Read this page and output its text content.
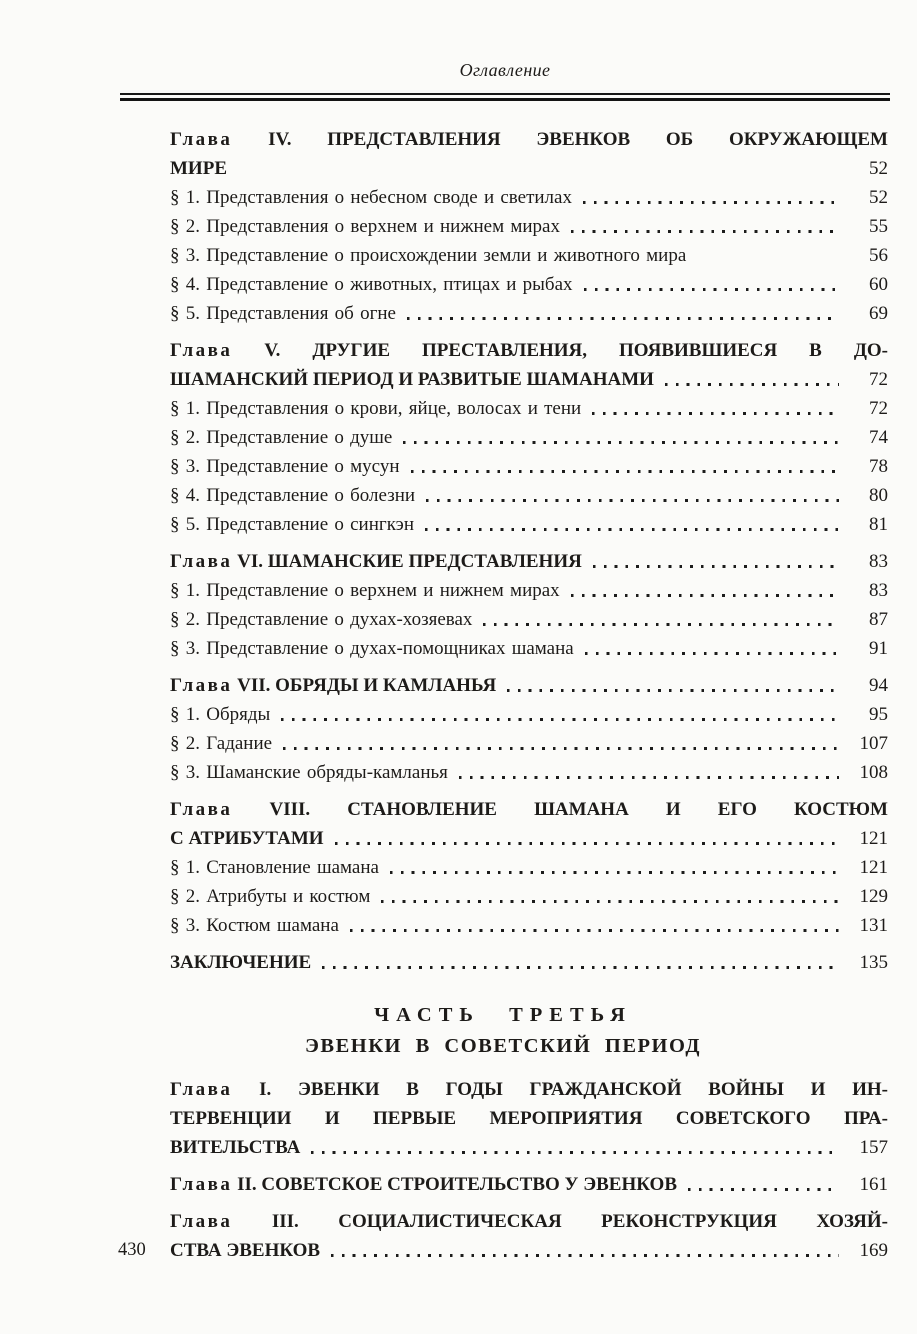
Оглавление
Глава IV. ПРЕДСТАВЛЕНИЯ ЭВЕНКОВ ОБ ОКРУЖАЮЩЕМ
МИРЕ	52
§ 1. Представления о небесном своде и светилах	52
§ 2. Представления о верхнем и нижнем мирах	55
§ 3. Представление о происхождении земли и животного мира	56
§ 4. Представление о животных, птицах и рыбах	60
§ 5. Представления об огне	69
Глава V. ДРУГИЕ ПРЕСТАВЛЕНИЯ, ПОЯВИВШИЕСЯ В ДО-
ШАМАНСКИЙ ПЕРИОД И РАЗВИТЫЕ ШАМАНАМИ	72
§ 1. Представления о крови, яйце, волосах и тени	72
§ 2. Представление о душе	74
§ 3. Представление о мусун	78
§ 4. Представление о болезни	80
§ 5. Представление о сингкэн	81
Глава VI. ШАМАНСКИЕ ПРЕДСТАВЛЕНИЯ	83
§ 1. Представление о верхнем и нижнем мирах	83
§ 2. Представление о духах-хозяевах	87
§ 3. Представление о духах-помощниках шамана	91
Глава VII. ОБРЯДЫ И КАМЛАНЬЯ	94
§ 1. Обряды	95
§ 2. Гадание	107
§ 3. Шаманские обряды-камланья	108
Глава VIII. СТАНОВЛЕНИЕ ШАМАНА И ЕГО КОСТЮМ
С АТРИБУТАМИ	121
§ 1. Становление шамана	121
§ 2. Атрибуты и костюм	129
§ 3. Костюм шамана	131
ЗАКЛЮЧЕНИЕ	135
ЧАСТЬ ТРЕТЬЯ
ЭВЕНКИ В СОВЕТСКИЙ ПЕРИОД
Глава I. ЭВЕНКИ В ГОДЫ ГРАЖДАНСКОЙ ВОЙНЫ И ИН-
ТЕРВЕНЦИИ И ПЕРВЫЕ МЕРОПРИЯТИЯ СОВЕТСКОГО ПРА-
ВИТЕЛЬСТВА	157
Глава II. СОВЕТСКОЕ СТРОИТЕЛЬСТВО У ЭВЕНКОВ	161
Глава III. СОЦИАЛИСТИЧЕСКАЯ РЕКОНСТРУКЦИЯ ХОЗЯЙ-
СТВА ЭВЕНКОВ	169
430
